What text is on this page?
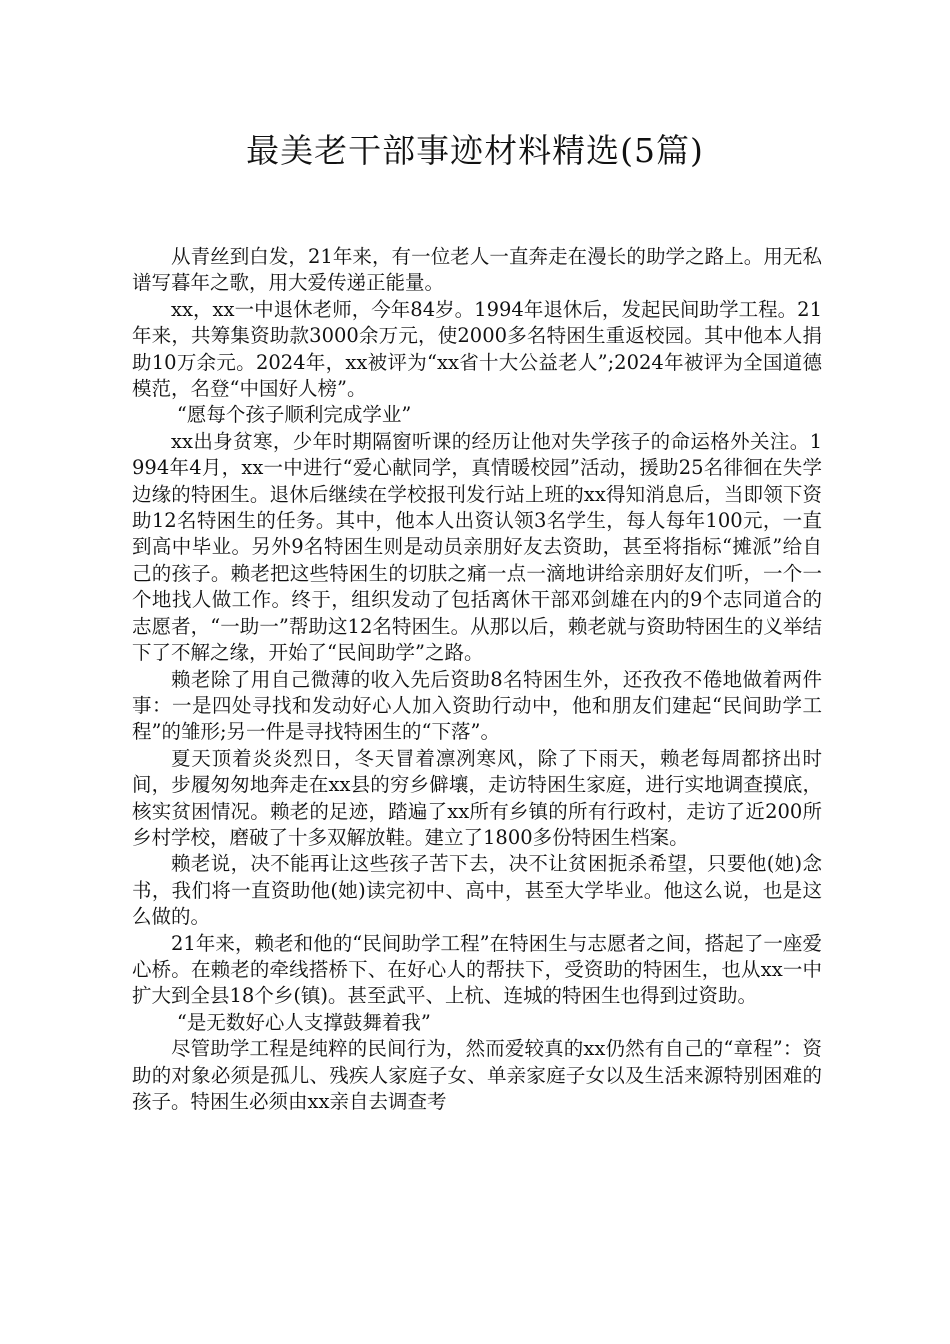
最美老干部事迹材料精选(5篇)

从青丝到白发，21年来，有一位老人一直奔走在漫长的助学之路上。用无私谱写暮年之歌，用大爱传递正能量。

xx，xx一中退休老师，今年84岁。1994年退休后，发起民间助学工程。21年来，共筹集资助款3000余万元，使2000多名特困生重返校园。其中他本人捐助10万余元。2024年，xx被评为“xx省十大公益老人”;2024年被评为全国道德模范，名登“中国好人榜”。

“愿每个孩子顺利完成学业”

xx出身贫寒，少年时期隔窗听课的经历让他对失学孩子的命运格外关注。1994年4月，xx一中进行“爱心献同学，真情暖校园”活动，援助25名徘徊在失学边缘的特困生。退休后继续在学校报刊发行站上班的xx得知消息后，当即领下资助12名特困生的任务。其中，他本人出资认领3名学生，每人每年100元，一直到高中毕业。另外9名特困生则是动员亲朋好友去资助，甚至将指标“摊派”给自己的孩子。赖老把这些特困生的切肤之痛一点一滴地讲给亲朋好友们听，一个一个地找人做工作。终于，组织发动了包括离休干部邓剑雄在内的9个志同道合的志愿者，“一助一”帮助这12名特困生。从那以后，赖老就与资助特困生的义举结下了不解之缘，开始了“民间助学”之路。

赖老除了用自己微薄的收入先后资助8名特困生外，还孜孜不倦地做着两件事：一是四处寻找和发动好心人加入资助行动中，他和朋友们建起“民间助学工程”的雏形;另一件是寻找特困生的“下落”。

夏天顶着炎炎烈日，冬天冒着凛冽寒风，除了下雨天，赖老每周都挤出时间，步履匆匆地奔走在xx县的穷乡僻壤，走访特困生家庭，进行实地调查摸底，核实贫困情况。赖老的足迹，踏遍了xx所有乡镇的所有行政村，走访了近200所乡村学校，磨破了十多双解放鞋。建立了1800多份特困生档案。

赖老说，决不能再让这些孩子苦下去，决不让贫困扼杀希望，只要他(她)念书，我们将一直资助他(她)读完初中、高中，甚至大学毕业。他这么说，也是这么做的。

21年来，赖老和他的“民间助学工程”在特困生与志愿者之间，搭起了一座爱心桥。在赖老的牵线搭桥下、在好心人的帮扶下，受资助的特困生，也从xx一中扩大到全县18个乡(镇)。甚至武平、上杭、连城的特困生也得到过资助。

“是无数好心人支撑鼓舞着我”

尽管助学工程是纯粹的民间行为，然而爱较真的xx仍然有自己的“章程”：资助的对象必须是孤儿、残疾人家庭子女、单亲家庭子女以及生活来源特别困难的孩子。特困生必须由xx亲自去调查考
